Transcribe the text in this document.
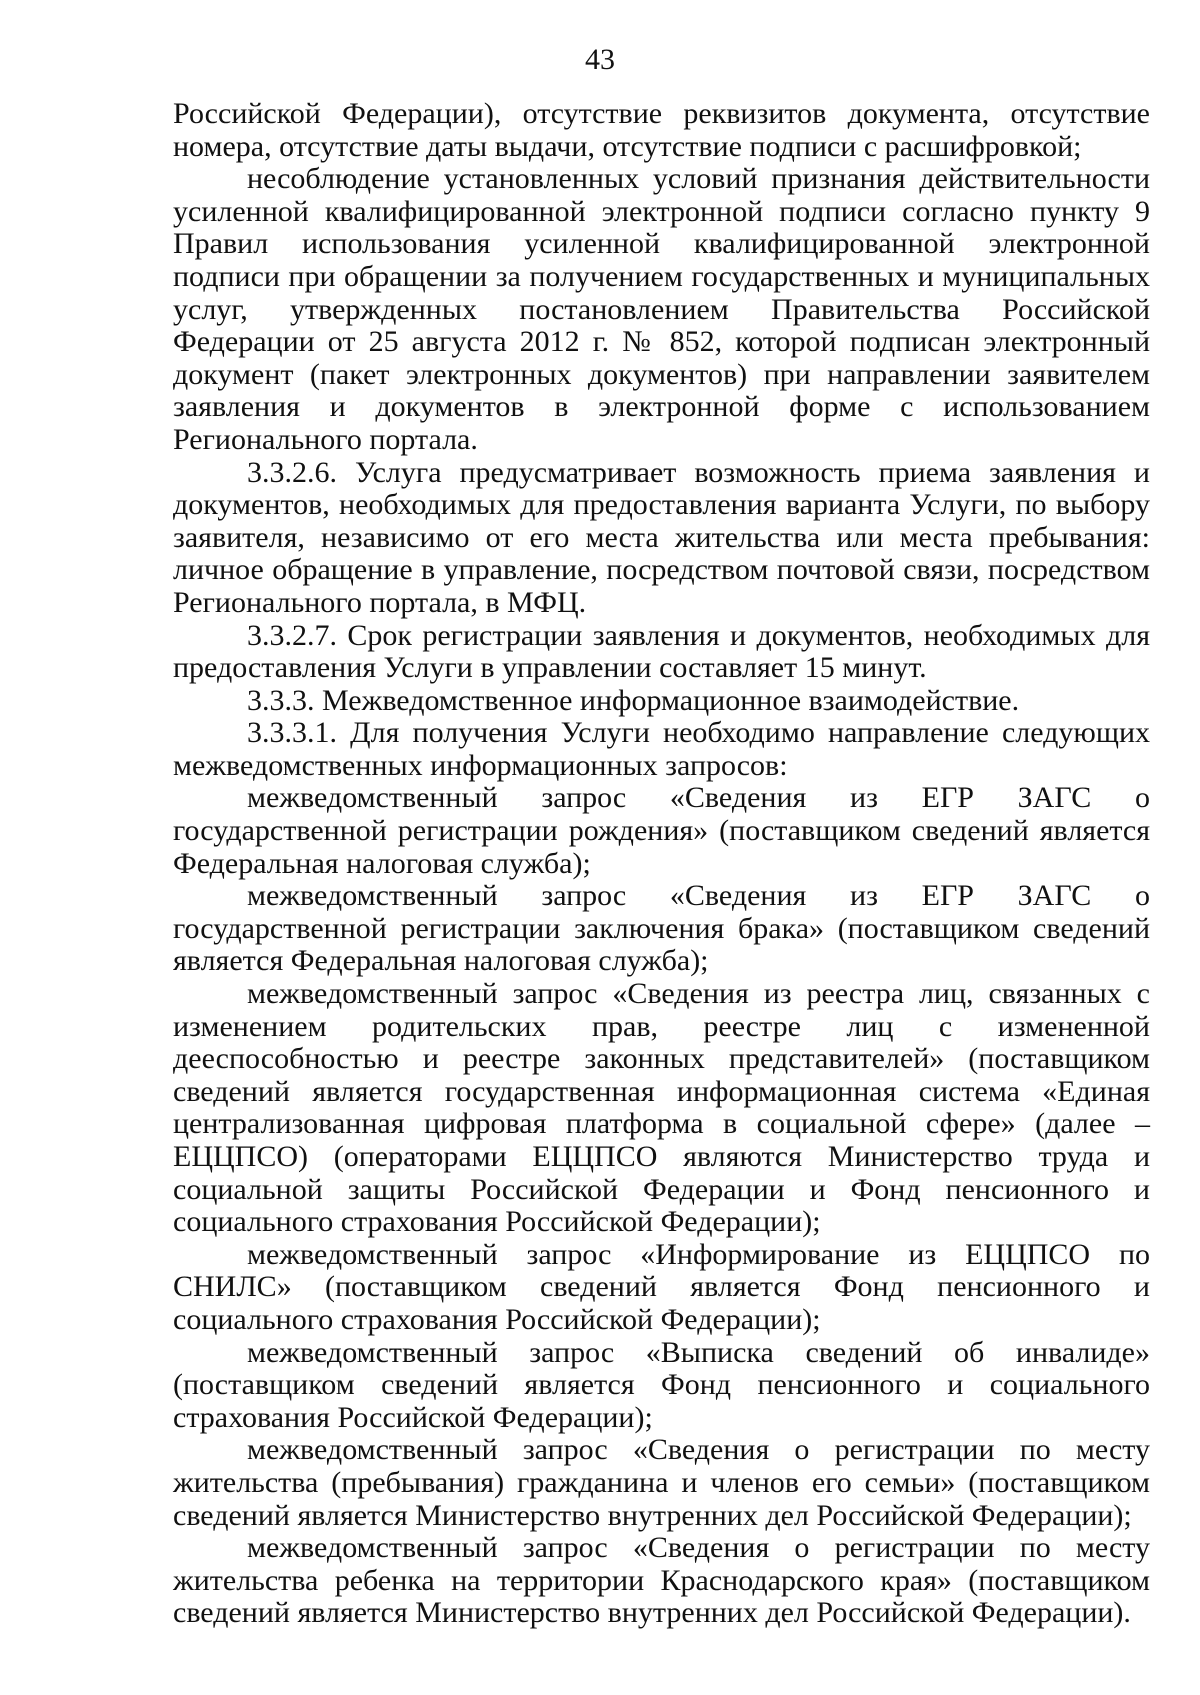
43

Российской Федерации), отсутствие реквизитов документа, отсутствие номера, отсутствие даты выдачи, отсутствие подписи с расшифровкой;

несоблюдение установленных условий признания действительности усиленной квалифицированной электронной подписи согласно пункту 9 Правил использования усиленной квалифицированной электронной подписи при обращении за получением государственных и муниципальных услуг, утвержденных постановлением Правительства Российской Федерации от 25 августа 2012 г. № 852, которой подписан электронный документ (пакет электронных документов) при направлении заявителем заявления и документов в электронной форме с использованием Регионального портала.

3.3.2.6. Услуга предусматривает возможность приема заявления и документов, необходимых для предоставления варианта Услуги, по выбору заявителя, независимо от его места жительства или места пребывания: личное обращение в управление, посредством почтовой связи, посредством Регионального портала, в МФЦ.

3.3.2.7. Срок регистрации заявления и документов, необходимых для предоставления Услуги в управлении составляет 15 минут.

3.3.3. Межведомственное информационное взаимодействие.

3.3.3.1. Для получения Услуги необходимо направление следующих межведомственных информационных запросов:

межведомственный запрос «Сведения из ЕГР ЗАГС о государственной регистрации рождения» (поставщиком сведений является Федеральная налоговая служба);

межведомственный запрос «Сведения из ЕГР ЗАГС о государственной регистрации заключения брака» (поставщиком сведений является Федеральная налоговая служба);

межведомственный запрос «Сведения из реестра лиц, связанных с изменением родительских прав, реестре лиц с измененной дееспособностью и реестре законных представителей» (поставщиком сведений является государственная информационная система «Единая централизованная цифровая платформа в социальной сфере» (далее – ЕЦЦПСО) (операторами ЕЦЦПСО являются Министерство труда и социальной защиты Российской Федерации и Фонд пенсионного и социального страхования Российской Федерации);

межведомственный запрос «Информирование из ЕЦЦПСО по СНИЛС» (поставщиком сведений является Фонд пенсионного и социального страхования Российской Федерации);

межведомственный запрос «Выписка сведений об инвалиде» (поставщиком сведений является Фонд пенсионного и социального страхования Российской Федерации);

межведомственный запрос «Сведения о регистрации по месту жительства (пребывания) гражданина и членов его семьи» (поставщиком сведений является Министерство внутренних дел Российской Федерации);

межведомственный запрос «Сведения о регистрации по месту жительства ребенка на территории Краснодарского края» (поставщиком сведений является Министерство внутренних дел Российской Федерации).
